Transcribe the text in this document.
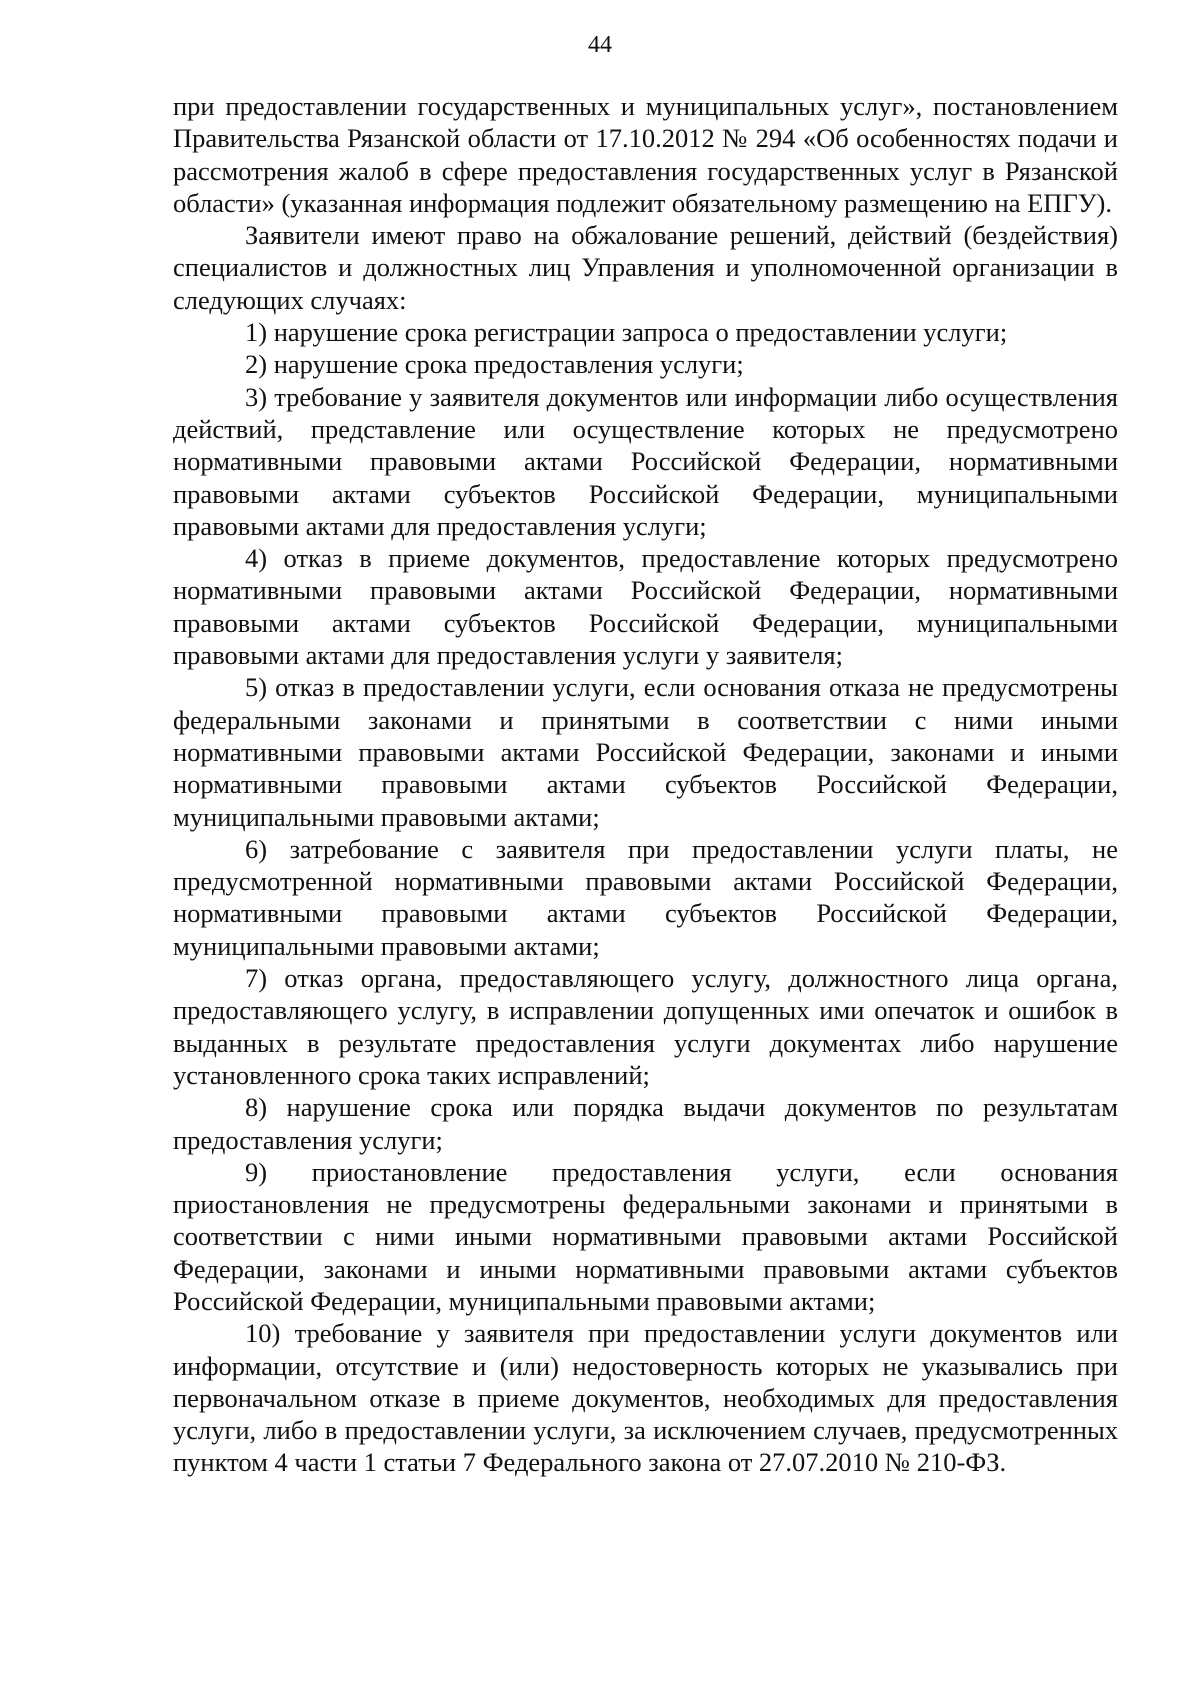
44

при предоставлении государственных и муниципальных услуг», постановлением Правительства Рязанской области от 17.10.2012 № 294 «Об особенностях подачи и рассмотрения жалоб в сфере предоставления государственных услуг в Рязанской области» (указанная информация подлежит обязательному размещению на ЕПГУ).

Заявители имеют право на обжалование решений, действий (бездействия) специалистов и должностных лиц Управления и уполномоченной организации в следующих случаях:

1) нарушение срока регистрации запроса о предоставлении услуги;

2) нарушение срока предоставления услуги;

3) требование у заявителя документов или информации либо осуществления действий, представление или осуществление которых не предусмотрено нормативными правовыми актами Российской Федерации, нормативными правовыми актами субъектов Российской Федерации, муниципальными правовыми актами для предоставления услуги;

4) отказ в приеме документов, предоставление которых предусмотрено нормативными правовыми актами Российской Федерации, нормативными правовыми актами субъектов Российской Федерации, муниципальными правовыми актами для предоставления услуги у заявителя;

5) отказ в предоставлении услуги, если основания отказа не предусмотрены федеральными законами и принятыми в соответствии с ними иными нормативными правовыми актами Российской Федерации, законами и иными нормативными правовыми актами субъектов Российской Федерации, муниципальными правовыми актами;

6) затребование с заявителя при предоставлении услуги платы, не предусмотренной нормативными правовыми актами Российской Федерации, нормативными правовыми актами субъектов Российской Федерации, муниципальными правовыми актами;

7) отказ органа, предоставляющего услугу, должностного лица органа, предоставляющего услугу, в исправлении допущенных ими опечаток и ошибок в выданных в результате предоставления услуги документах либо нарушение установленного срока таких исправлений;

8) нарушение срока или порядка выдачи документов по результатам предоставления услуги;

9) приостановление предоставления услуги, если основания приостановления не предусмотрены федеральными законами и принятыми в соответствии с ними иными нормативными правовыми актами Российской Федерации, законами и иными нормативными правовыми актами субъектов Российской Федерации, муниципальными правовыми актами;

10) требование у заявителя при предоставлении услуги документов или информации, отсутствие и (или) недостоверность которых не указывались при первоначальном отказе в приеме документов, необходимых для предоставления услуги, либо в предоставлении услуги, за исключением случаев, предусмотренных пунктом 4 части 1 статьи 7 Федерального закона от 27.07.2010 № 210-ФЗ.
